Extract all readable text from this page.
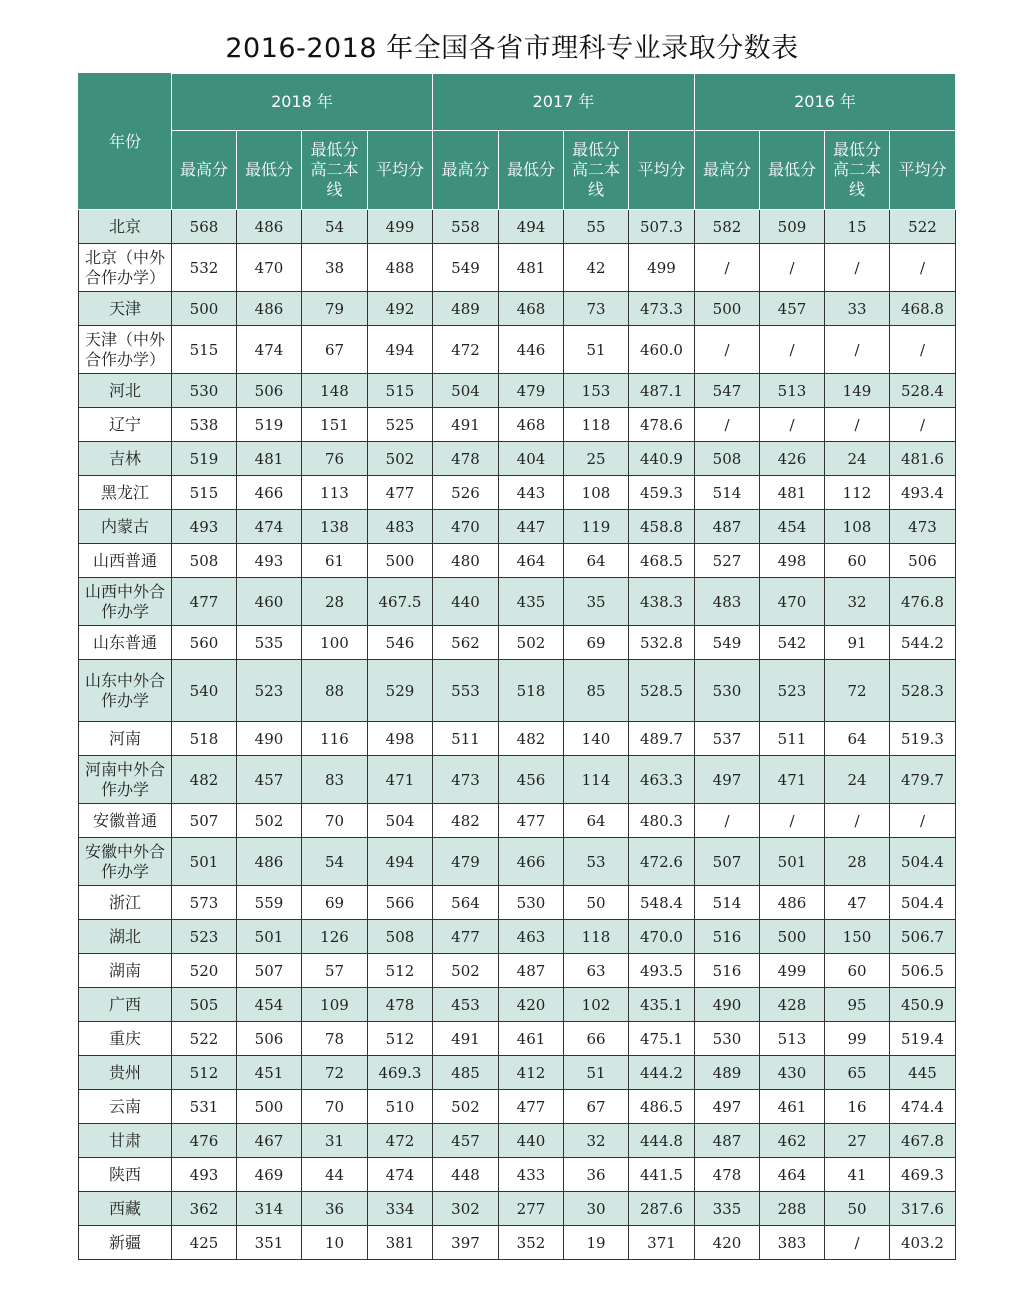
2016-2018 年全国各省市理科专业录取分数表
年份	2018 年				2017 年				2016 年			
	最高分	最低分	最低分高二本线	平均分	最高分	最低分	最低分高二本线	平均分	最高分	最低分	最低分高二本线	平均分
北京	568	486	54	499	558	494	55	507.3	582	509	15	522
北京（中外合作办学）	532	470	38	488	549	481	42	499	/	/	/	/
天津	500	486	79	492	489	468	73	473.3	500	457	33	468.8
天津（中外合作办学）	515	474	67	494	472	446	51	460.0	/	/	/	/
河北	530	506	148	515	504	479	153	487.1	547	513	149	528.4
辽宁	538	519	151	525	491	468	118	478.6	/	/	/	/
吉林	519	481	76	502	478	404	25	440.9	508	426	24	481.6
黑龙江	515	466	113	477	526	443	108	459.3	514	481	112	493.4
内蒙古	493	474	138	483	470	447	119	458.8	487	454	108	473
山西普通	508	493	61	500	480	464	64	468.5	527	498	60	506
山西中外合作办学	477	460	28	467.5	440	435	35	438.3	483	470	32	476.8
山东普通	560	535	100	546	562	502	69	532.8	549	542	91	544.2
山东中外合作办学	540	523	88	529	553	518	85	528.5	530	523	72	528.3
河南	518	490	116	498	511	482	140	489.7	537	511	64	519.3
河南中外合作办学	482	457	83	471	473	456	114	463.3	497	471	24	479.7
安徽普通	507	502	70	504	482	477	64	480.3	/	/	/	/
安徽中外合作办学	501	486	54	494	479	466	53	472.6	507	501	28	504.4
浙江	573	559	69	566	564	530	50	548.4	514	486	47	504.4
湖北	523	501	126	508	477	463	118	470.0	516	500	150	506.7
湖南	520	507	57	512	502	487	63	493.5	516	499	60	506.5
广西	505	454	109	478	453	420	102	435.1	490	428	95	450.9
重庆	522	506	78	512	491	461	66	475.1	530	513	99	519.4
贵州	512	451	72	469.3	485	412	51	444.2	489	430	65	445
云南	531	500	70	510	502	477	67	486.5	497	461	16	474.4
甘肃	476	467	31	472	457	440	32	444.8	487	462	27	467.8
陕西	493	469	44	474	448	433	36	441.5	478	464	41	469.3
西藏	362	314	36	334	302	277	30	287.6	335	288	50	317.6
新疆	425	351	10	381	397	352	19	371	420	383	/	403.2
